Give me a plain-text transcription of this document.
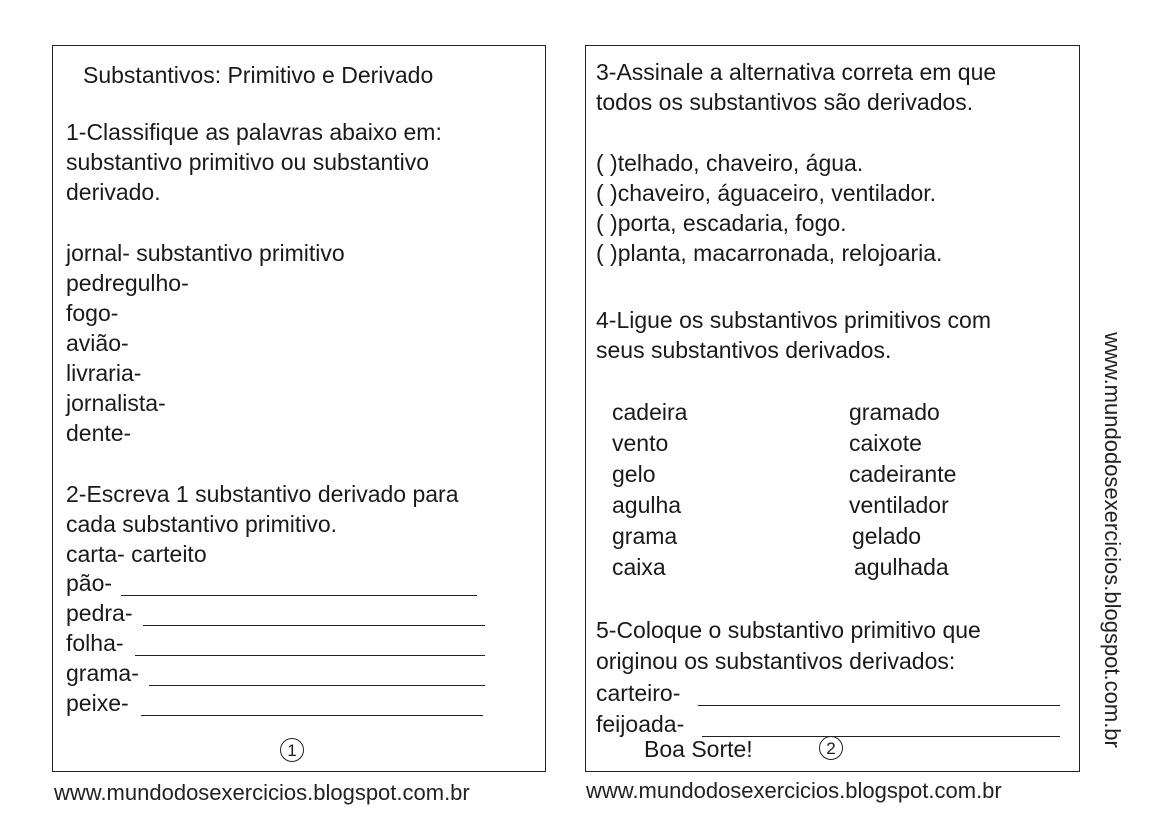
Substantivos: Primitivo e Derivado
1-Classifique as palavras abaixo em:
substantivo primitivo ou substantivo
derivado.
jornal- substantivo primitivo
pedregulho-
fogo-
avião-
livraria-
jornalista-
dente-
2-Escreva 1 substantivo derivado para
cada substantivo primitivo.
carta- carteito
pão-
pedra-
folha-
grama-
peixe-
1
3-Assinale a alternativa correta em que
todos os substantivos são derivados.
( )telhado, chaveiro, água.
( )chaveiro, águaceiro, ventilador.
( )porta, escadaria, fogo.
( )planta, macarronada, relojoaria.
4-Ligue os substantivos primitivos com
seus substantivos derivados.
cadeira
vento
gelo
agulha
grama
caixa
gramado
caixote
cadeirante
ventilador
gelado
agulhada
5-Coloque o substantivo primitivo que
originou os substantivos derivados:
carteiro-
feijoada-
Boa Sorte!	2
www.mundodosexercicios.blogspot.com.br	www.mundodosexercicios.blogspot.com.br
www.mundodosexercicios.blogspot.com.br
